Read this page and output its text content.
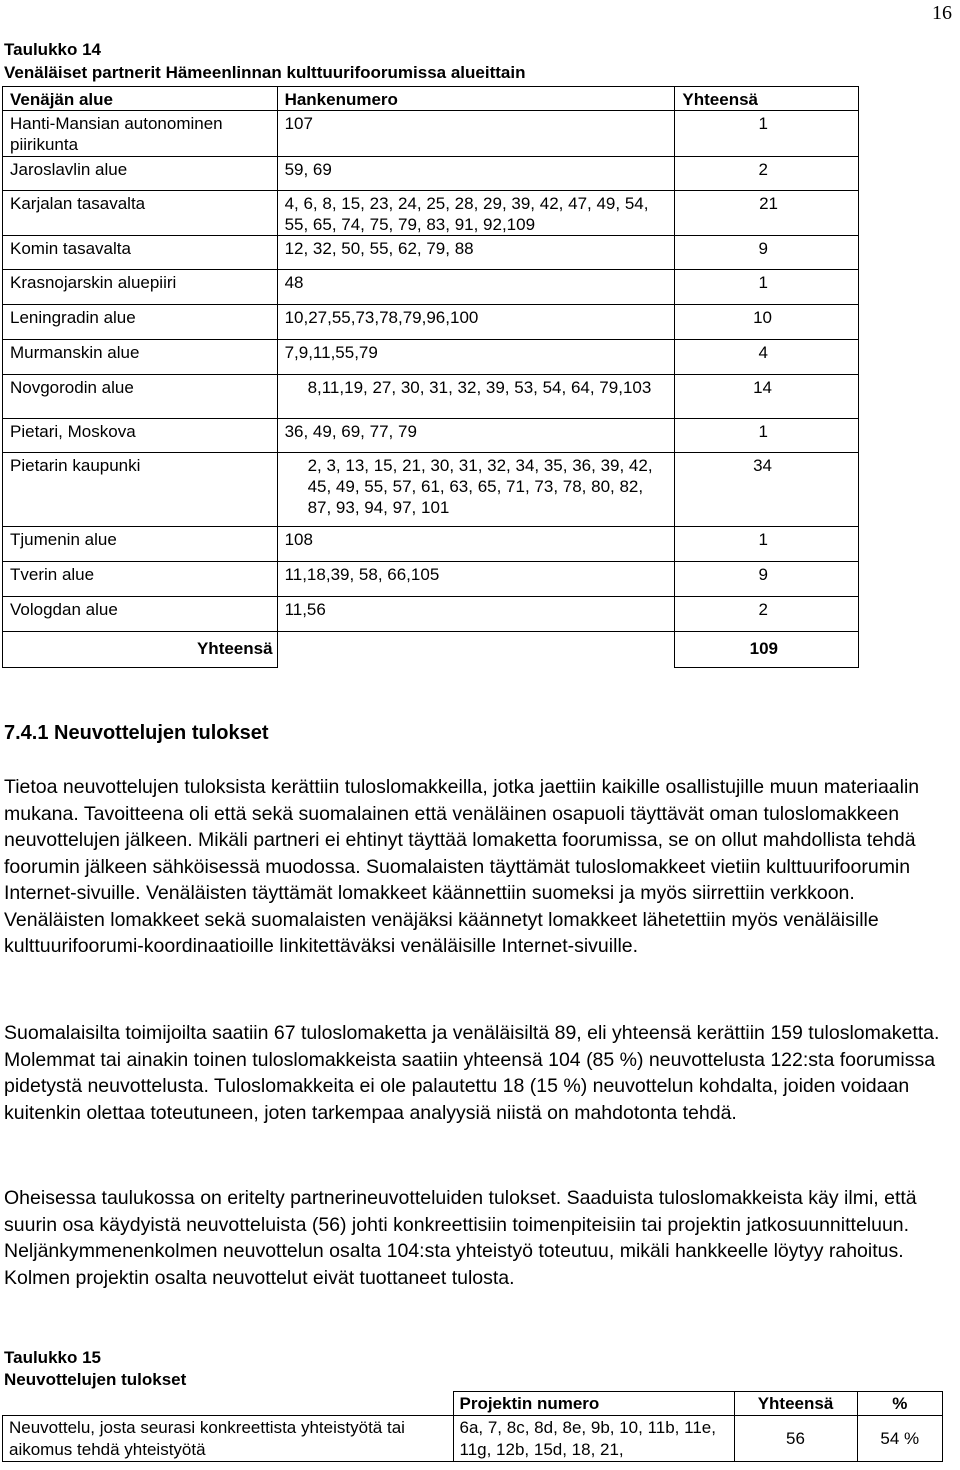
16
Taulukko 14
Venäläiset partnerit Hämeenlinnan kulttuurifoorumissa alueittain
Venäjän alue	Hankenumero	Yhteensä
Hanti-Mansian autonominen piirikunta	107	1
Jaroslavlin alue	59, 69	2
Karjalan tasavalta	4, 6, 8, 15, 23, 24, 25, 28, 29, 39, 42, 47, 49, 54, 55, 65, 74, 75, 79, 83, 91, 92,109	21
Komin tasavalta	12, 32, 50, 55, 62, 79, 88	9
Krasnojarskin aluepiiri	48	1
Leningradin alue	10,27,55,73,78,79,96,100	10
Murmanskin alue	7,9,11,55,79	4
Novgorodin alue	8,11,19, 27, 30, 31, 32, 39, 53, 54, 64, 79,103	14
Pietari, Moskova	36, 49, 69, 77, 79	1
Pietarin kaupunki	2, 3, 13, 15, 21, 30, 31, 32, 34, 35, 36, 39, 42, 45, 49, 55, 57, 61, 63, 65, 71, 73, 78, 80, 82, 87, 93, 94, 97, 101	34
Tjumenin alue	108	1
Tverin alue	11,18,39, 58, 66,105	9
Vologdan alue	11,56	2
Yhteensä		109
7.4.1 Neuvottelujen tulokset
Tietoa neuvottelujen tuloksista kerättiin tuloslomakkeilla, jotka jaettiin kaikille osallistujille muun materiaalin mukana. Tavoitteena oli että sekä suomalainen että venäläinen osapuoli täyttävät oman tuloslomakkeen neuvottelujen jälkeen. Mikäli partneri ei ehtinyt täyttää lomaketta foorumissa, se on ollut mahdollista tehdä foorumin jälkeen sähköisessä muodossa. Suomalaisten täyttämät tuloslomakkeet vietiin kulttuurifoorumin Internet-sivuille. Venäläisten täyttämät lomakkeet käännettiin suomeksi ja myös siirrettiin verkkoon. Venäläisten lomakkeet sekä suomalaisten venäjäksi käännetyt lomakkeet lähetettiin myös venäläisille kulttuurifoorumi-koordinaatioille linkitettäväksi venäläisille Internet-sivuille.
Suomalaisilta toimijoilta saatiin 67 tuloslomaketta ja venäläisiltä 89, eli yhteensä kerättiin 159 tuloslomaketta. Molemmat tai ainakin toinen tuloslomakkeista saatiin yhteensä 104 (85 %) neuvottelusta 122:sta foorumissa pidetystä neuvottelusta. Tuloslomakkeita ei ole palautettu 18 (15 %) neuvottelun kohdalta, joiden voidaan kuitenkin olettaa toteutuneen, joten tarkempaa analyysiä niistä on mahdotonta tehdä.
Oheisessa taulukossa on eritelty partnerineuvotteluiden tulokset. Saaduista tuloslomakkeista käy ilmi, että suurin osa käydyistä neuvotteluista (56) johti konkreettisiin toimenpiteisiin tai projektin jatkosuunnitteluun. Neljänkymmenenkolmen neuvottelun osalta 104:sta yhteistyö toteutuu, mikäli hankkeelle löytyy rahoitus. Kolmen projektin osalta neuvottelut eivät tuottaneet tulosta.
Taulukko 15
Neuvottelujen tulokset
	Projektin numero	Yhteensä	%
Neuvottelu, josta seurasi konkreettista yhteistyötä tai aikomus tehdä yhteistyötä	6a, 7, 8c, 8d, 8e, 9b, 10, 11b, 11e, 11g, 12b, 15d, 18, 21,	56	54 %
